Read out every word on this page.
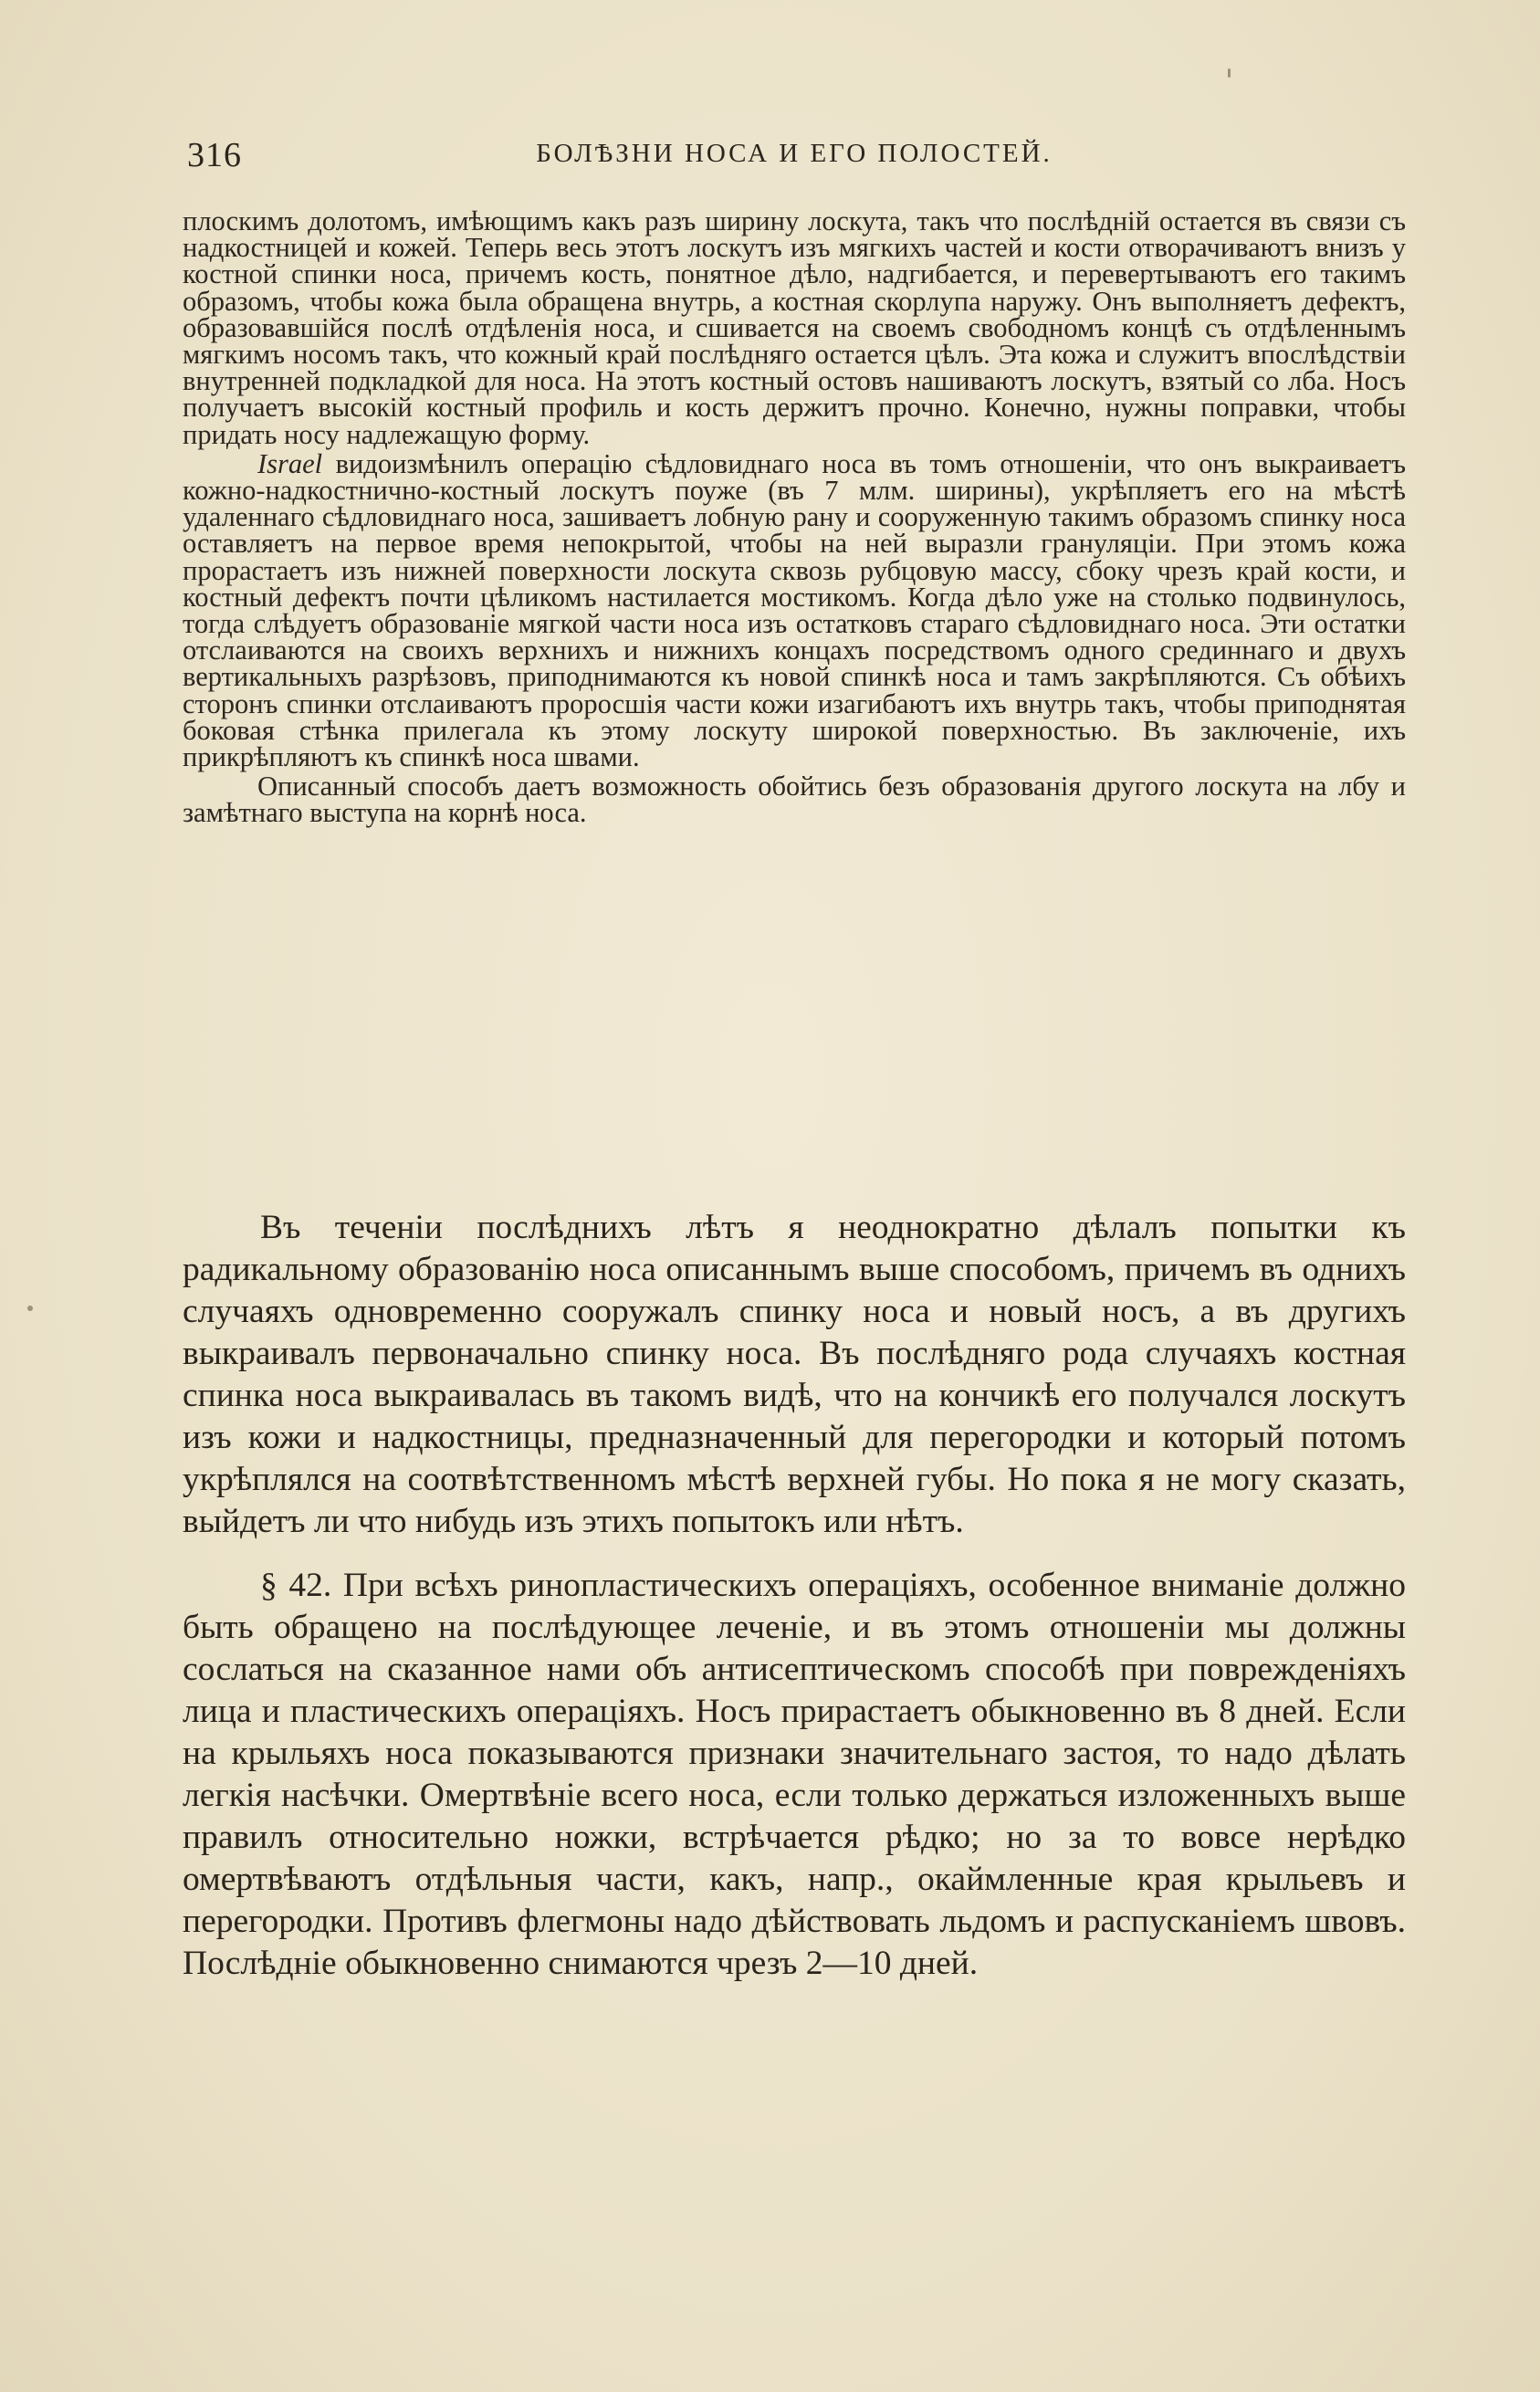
316	БОЛѢЗНИ НОСА И ЕГО ПОЛОСТЕЙ.

плоскимъ долотомъ, имѣющимъ какъ разъ ширину лоскута, такъ что послѣдній остается въ связи съ надкостницей и кожей. Теперь весь этотъ лоскутъ изъ мягкихъ частей и кости отворачиваютъ внизъ у костной спинки носа, причемъ кость, понятное дѣло, надгибается, и перевертываютъ его такимъ образомъ, чтобы кожа была обращена внутрь, а костная скорлупа наружу. Онъ выполняетъ дефектъ, образовавшійся послѣ отдѣленія носа, и сшивается на своемъ свободномъ концѣ съ отдѣленнымъ мягкимъ носомъ такъ, что кожный край послѣдняго остается цѣлъ. Эта кожа и служитъ впослѣдствіи внутренней подкладкой для носа. На этотъ костный остовъ нашиваютъ лоскутъ, взятый со лба. Носъ получаетъ высокій костный профиль и кость держитъ прочно. Конечно, нужны поправки, чтобы придать носу надлежащую форму.

Israel видоизмѣнилъ операцію сѣдловиднаго носа въ томъ отношеніи, что онъ выкраиваетъ кожно-надкостнично-костный лоскутъ поуже (въ 7 млм. ширины), укрѣпляетъ его на мѣстѣ удаленнаго сѣдловиднаго носа, зашиваетъ лобную рану и сооруженную такимъ образомъ спинку носа оставляетъ на первое время непокрытой, чтобы на ней выразли грануляціи. При этомъ кожа прорастаетъ изъ нижней поверхности лоскута сквозь рубцовую массу, сбоку чрезъ край кости, и костный дефектъ почти цѣликомъ настилается мостикомъ. Когда дѣло уже на столько подвинулось, тогда слѣдуетъ образованіе мягкой части носа изъ остатковъ стараго сѣдловиднаго носа. Эти остатки отслаиваются на своихъ верхнихъ и нижнихъ концахъ посредствомъ одного срединнаго и двухъ вертикальныхъ разрѣзовъ, приподнимаются къ новой спинкѣ носа и тамъ закрѣпляются. Съ обѣихъ сторонъ спинки отслаиваютъ проросшія части кожи изагибаютъ ихъ внутрь такъ, чтобы приподнятая боковая стѣнка прилегала къ этому лоскуту широкой поверхностью. Въ заключеніе, ихъ прикрѣпляютъ къ спинкѣ носа швами.

Описанный способъ даетъ возможность обойтись безъ образованія другого лоскута на лбу и замѣтнаго выступа на корнѣ носа.

Въ теченіи послѣднихъ лѣтъ я неоднократно дѣлалъ попытки къ радикальному образованію носа описаннымъ выше способомъ, причемъ въ однихъ случаяхъ одновременно сооружалъ спинку носа и новый носъ, а въ другихъ выкраивалъ первоначально спинку носа. Въ послѣдняго рода случаяхъ костная спинка носа выкраивалась въ такомъ видѣ, что на кончикѣ его получался лоскутъ изъ кожи и надкостницы, предназначенный для перегородки и который потомъ укрѣплялся на соотвѣтственномъ мѣстѣ верхней губы. Но пока я не могу сказать, выйдетъ ли что нибудь изъ этихъ попытокъ или нѣтъ.

§ 42. При всѣхъ ринопластическихъ операціяхъ, особенное вниманіе должно быть обращено на послѣдующее леченіе, и въ этомъ отношеніи мы должны сослаться на сказанное нами объ антисептическомъ способѣ при поврежденіяхъ лица и пластическихъ операціяхъ. Носъ прирастаетъ обыкновенно въ 8 дней. Если на крыльяхъ носа показываются признаки значительнаго застоя, то надо дѣлать легкія насѣчки. Омертвѣніе всего носа, если только держаться изложенныхъ выше правилъ относительно ножки, встрѣчается рѣдко; но за то вовсе нерѣдко омертвѣваютъ отдѣльныя части, какъ, напр., окаймленные края крыльевъ и перегородки. Противъ флегмоны надо дѣйствовать льдомъ и распусканіемъ швовъ. Послѣдніе обыкновенно снимаются чрезъ 2—10 дней.
